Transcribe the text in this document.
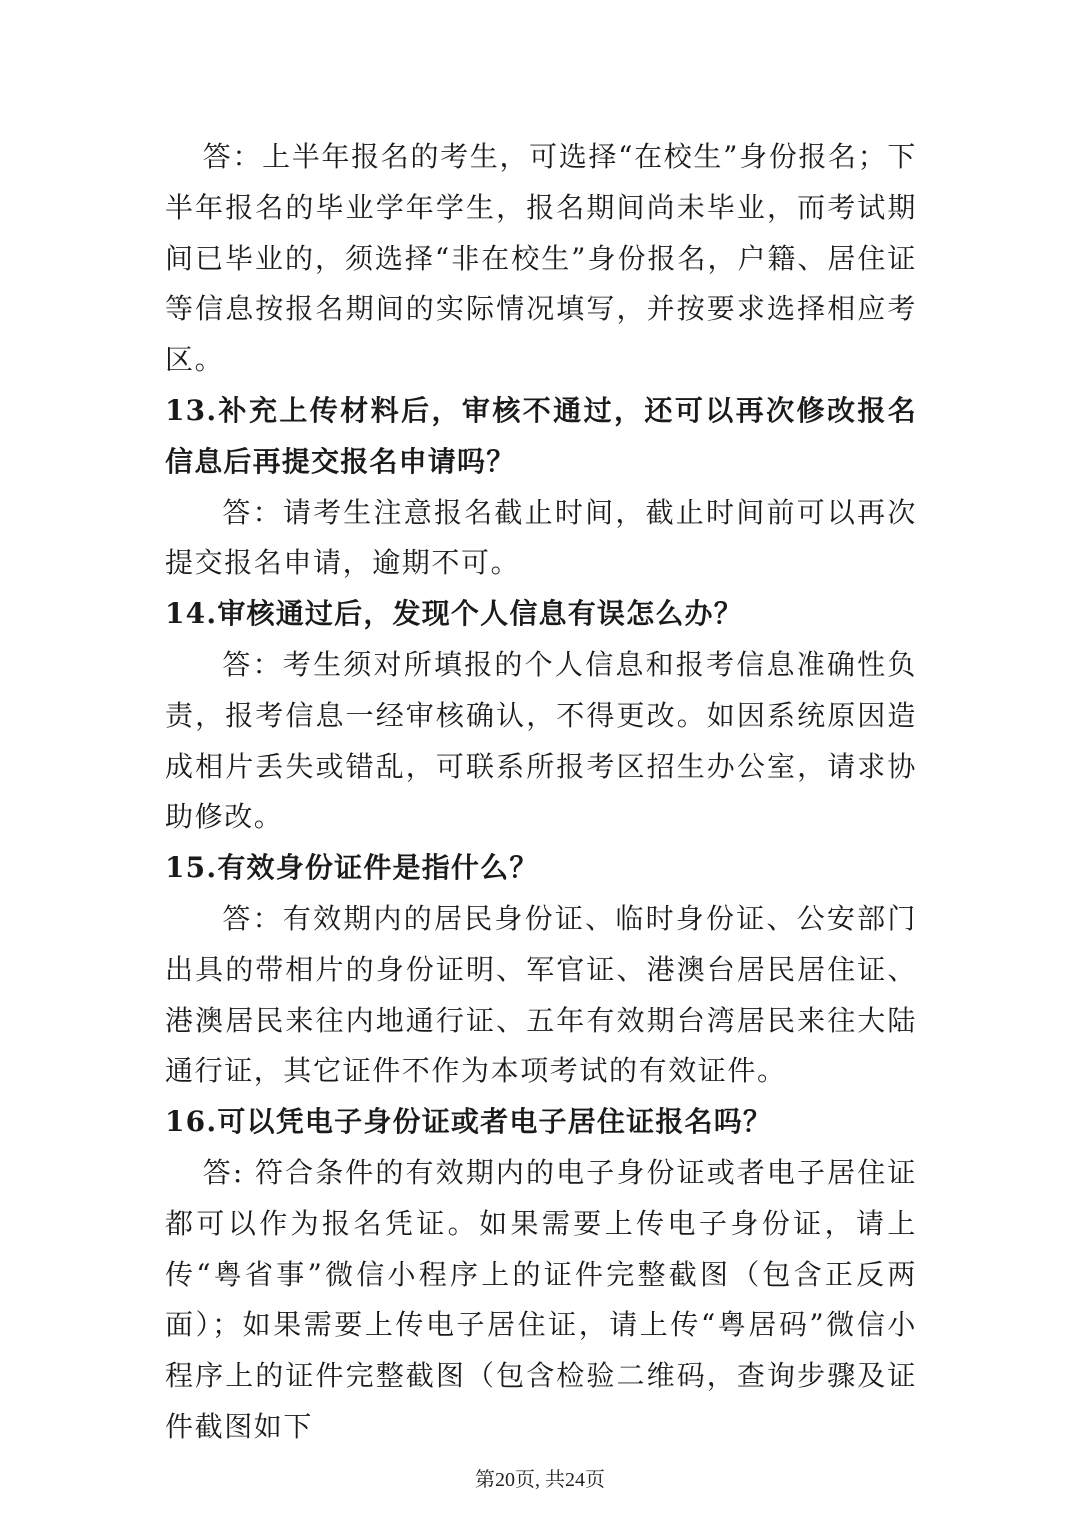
答：上半年报名的考生，可选择“在校生”身份报名；下半年报名的毕业学年学生，报名期间尚未毕业，而考试期间已毕业的，须选择“非在校生”身份报名，户籍、居住证等信息按报名期间的实际情况填写，并按要求选择相应考区。

13.补充上传材料后，审核不通过，还可以再次修改报名信息后再提交报名申请吗？

答：请考生注意报名截止时间，截止时间前可以再次提交报名申请，逾期不可。

14.审核通过后，发现个人信息有误怎么办？

答：考生须对所填报的个人信息和报考信息准确性负责，报考信息一经审核确认，不得更改。如因系统原因造成相片丢失或错乱，可联系所报考区招生办公室，请求协助修改。

15.有效身份证件是指什么？

答：有效期内的居民身份证、临时身份证、公安部门出具的带相片的身份证明、军官证、港澳台居民居住证、港澳居民来往内地通行证、五年有效期台湾居民来往大陆通行证，其它证件不作为本项考试的有效证件。

16.可以凭电子身份证或者电子居住证报名吗？

答: 符合条件的有效期内的电子身份证或者电子居住证都可以作为报名凭证。如果需要上传电子身份证，请上传“粤省事”微信小程序上的证件完整截图（包含正反两面）；如果需要上传电子居住证，请上传“粤居码”微信小程序上的证件完整截图（包含检验二维码，查询步骤及证件截图如下

第20页, 共24页
